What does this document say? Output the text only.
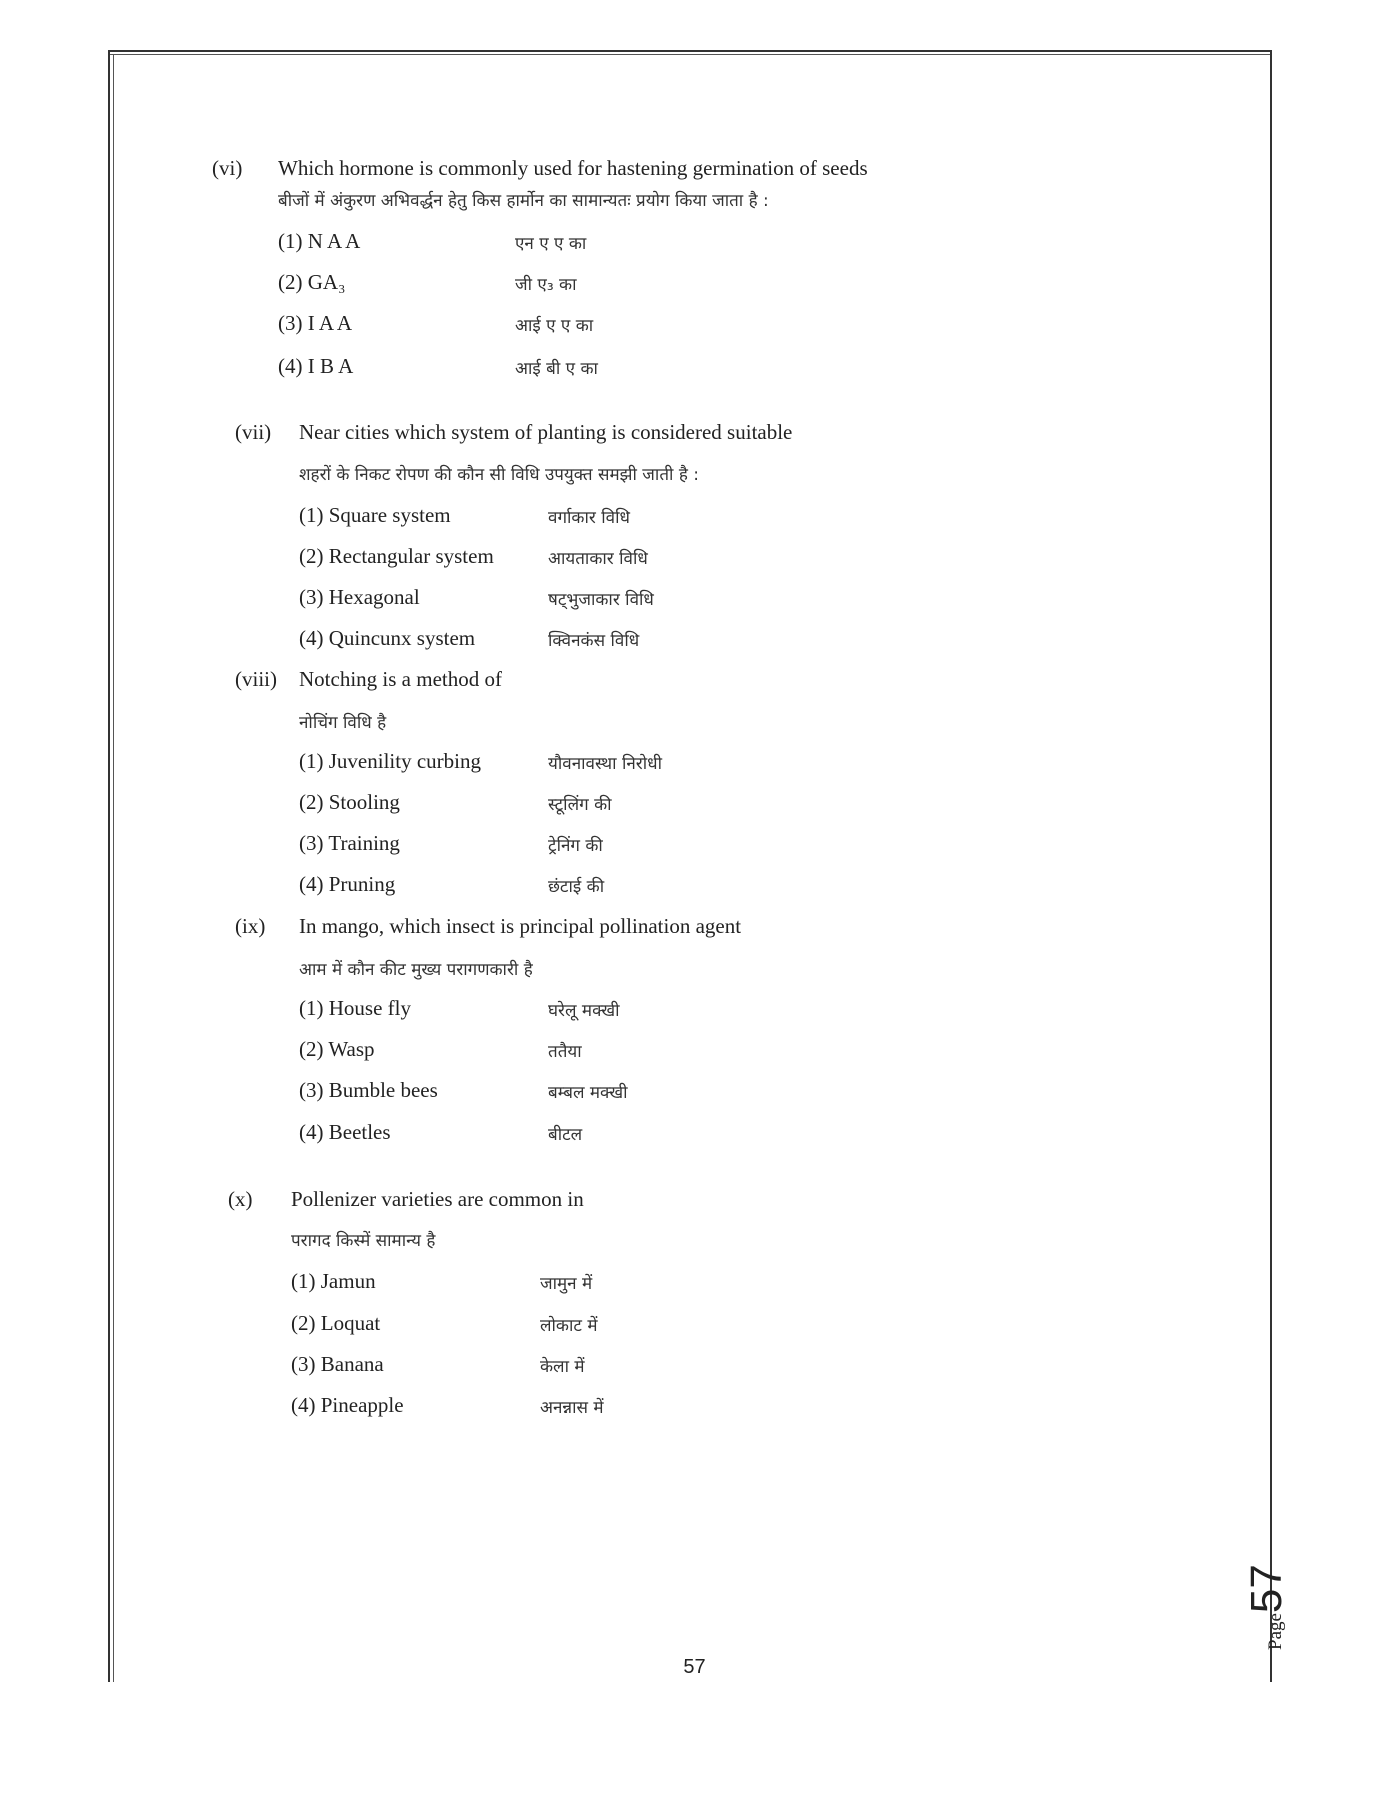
(vi) Which hormone is commonly used for hastening germination of seeds
बीजों में अंकुरण अभिवर्द्धन हेतु किस हार्मोन का सामान्यतः प्रयोग किया जाता है :
(1) N A A	एन ए ए का
(2) GA₃	जी ए₃ का
(3) I A A	आई ए ए का
(4) I B A	आई बी ए का
(vii) Near cities which system of planting is considered suitable
शहरों के निकट रोपण की कौन सी विधि उपयुक्त समझी जाती है :
(1) Square system	वर्गाकार विधि
(2) Rectangular system	आयताकार विधि
(3) Hexagonal	षट्भुजाकार विधि
(4) Quincunx system	क्विनकंस विधि
(viii) Notching is a method of
नोचिंग विधि है
(1) Juvenility curbing	यौवनावस्था निरोधी
(2) Stooling	स्टूलिंग की
(3) Training	ट्रेनिंग की
(4) Pruning	छंटाई की
(ix) In mango, which insect is principal pollination agent
आम में कौन कीट मुख्य परागणकारी है
(1) House fly	घरेलू मक्खी
(2) Wasp	ततैया
(3) Bumble bees	बम्बल मक्खी
(4) Beetles	बीटल
(x) Pollenizer varieties are common in
परागद किस्में सामान्य है
(1) Jamun	जामुन में
(2) Loquat	लोकाट में
(3) Banana	केला में
(4) Pineapple	अनन्नास में
Page57
57
